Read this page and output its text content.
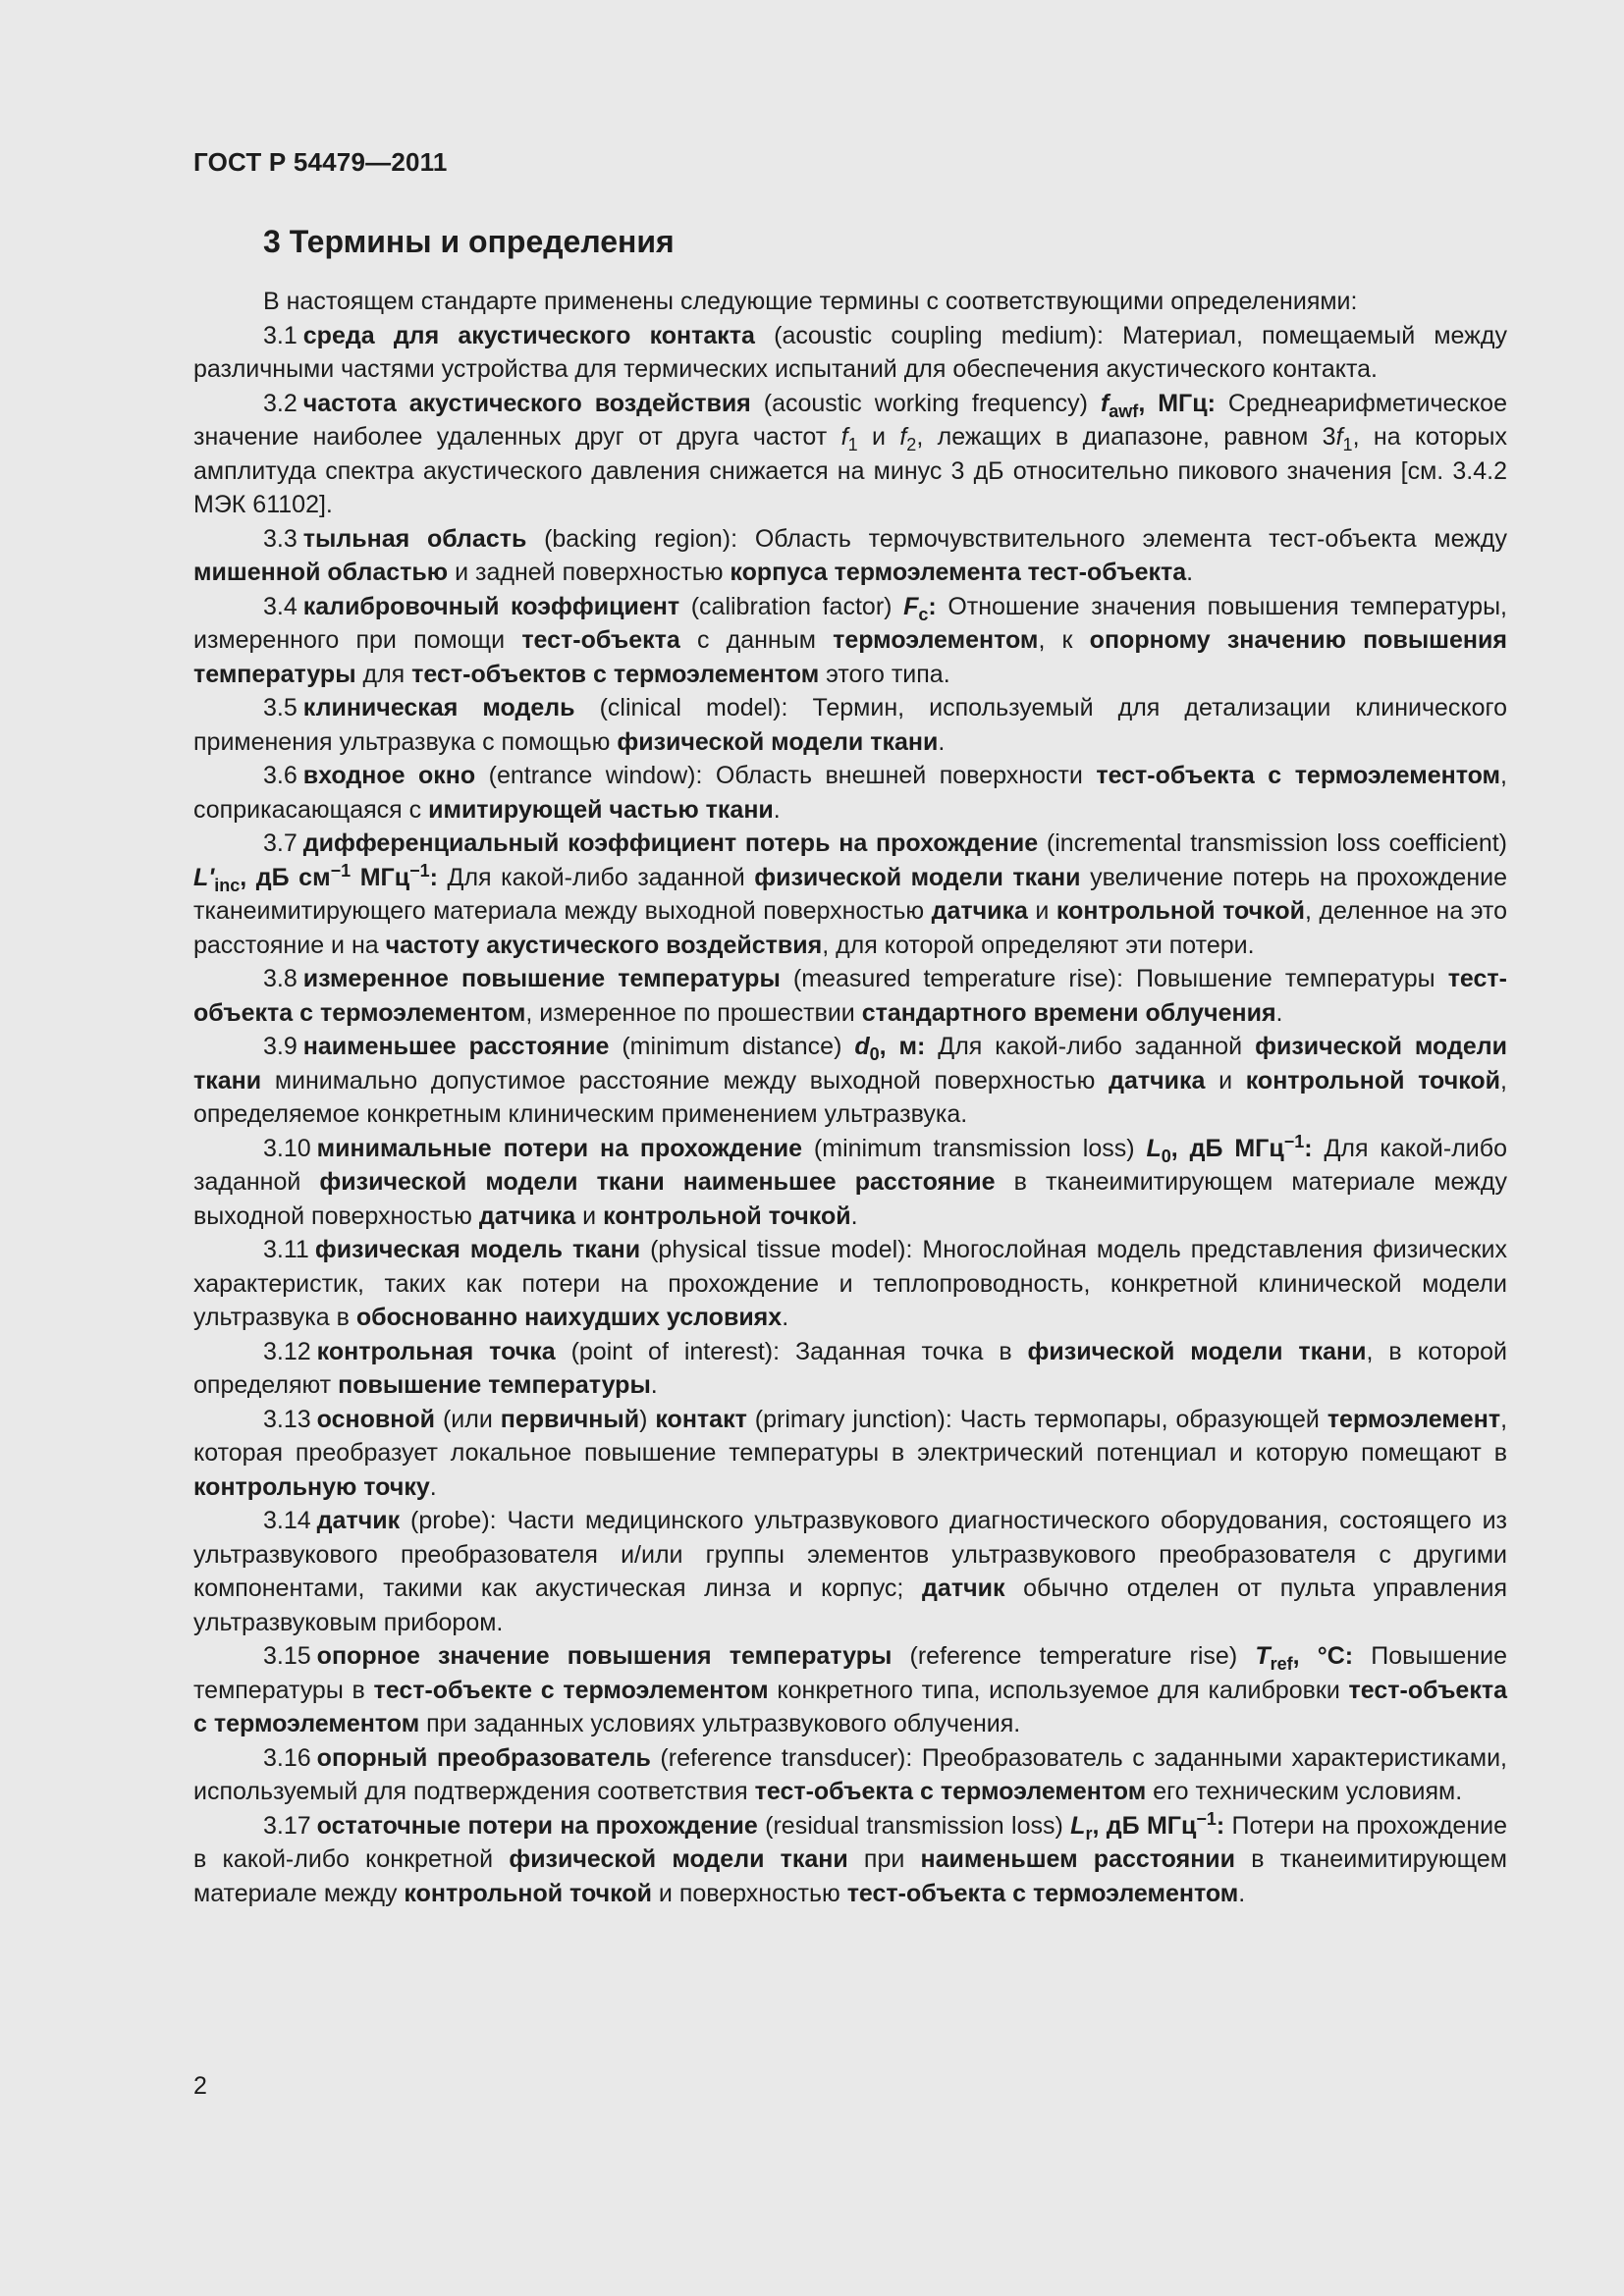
ГОСТ Р 54479—2011
3 Термины и определения

В настоящем стандарте применены следующие термины с соответствующими определениями:

3.1 среда для акустического контакта (acoustic coupling medium): Материал, помещаемый между различными частями устройства для термических испытаний для обеспечения акустического контакта.

3.2 частота акустического воздействия (acoustic working frequency) $f_{awf}$, МГц: Среднеарифметическое значение наиболее удаленных друг от друга частот $f_1$ и $f_2$, лежащих в диапазоне, равном $3f_1$, на которых амплитуда спектра акустического давления снижается на минус 3 дБ относительно пикового значения [см. 3.4.2 МЭК 61102].

3.3 тыльная область (backing region): Область термочувствительного элемента тест-объекта между мишенной областью и задней поверхностью корпуса термоэлемента тест-объекта.

3.4 калибровочный коэффициент (calibration factor) $F_c$: Отношение значения повышения температуры, измеренного при помощи тест-объекта с данным термоэлементом, к опорному значению повышения температуры для тест-объектов с термоэлементом этого типа.

3.5 клиническая модель (clinical model): Термин, используемый для детализации клинического применения ультразвука с помощью физической модели ткани.

3.6 входное окно (entrance window): Область внешней поверхности тест-объекта с термоэлементом, соприкасающаяся с имитирующей частью ткани.

3.7 дифференциальный коэффициент потерь на прохождение (incremental transmission loss coefficient) $L'_{inc}$, дБ $см^{-1}$ МГц$^{-1}$: Для какой-либо заданной физической модели ткани увеличение потерь на прохождение тканеимитирующего материала между выходной поверхностью датчика и контрольной точкой, деленное на это расстояние и на частоту акустического воздействия, для которой определяют эти потери.

3.8 измеренное повышение температуры (measured temperature rise): Повышение температуры тест-объекта с термоэлементом, измеренное по прошествии стандартного времени облучения.

3.9 наименьшее расстояние (minimum distance) $d_0$, м: Для какой-либо заданной физической модели ткани минимально допустимое расстояние между выходной поверхностью датчика и контрольной точкой, определяемое конкретным клиническим применением ультразвука.

3.10 минимальные потери на прохождение (minimum transmission loss) $L_0$, дБ МГц$^{-1}$: Для какой-либо заданной физической модели ткани наименьшее расстояние в тканеимитирующем материале между выходной поверхностью датчика и контрольной точкой.

3.11 физическая модель ткани (physical tissue model): Многослойная модель представления физических характеристик, таких как потери на прохождение и теплопроводность, конкретной клинической модели ультразвука в обоснованно наихудших условиях.

3.12 контрольная точка (point of interest): Заданная точка в физической модели ткани, в которой определяют повышение температуры.

3.13 основной (или первичный) контакт (primary junction): Часть термопары, образующей термоэлемент, которая преобразует локальное повышение температуры в электрический потенциал и которую помещают в контрольную точку.

3.14 датчик (probe): Части медицинского ультразвукового диагностического оборудования, состоящего из ультразвукового преобразователя и/или группы элементов ультразвукового преобразователя с другими компонентами, такими как акустическая линза и корпус; датчик обычно отделен от пульта управления ультразвуковым прибором.

3.15 опорное значение повышения температуры (reference temperature rise) $T_{ref}$, °С: Повышение температуры в тест-объекте с термоэлементом конкретного типа, используемое для калибровки тест-объекта с термоэлементом при заданных условиях ультразвукового облучения.

3.16 опорный преобразователь (reference transducer): Преобразователь с заданными характеристиками, используемый для подтверждения соответствия тест-объекта с термоэлементом его техническим условиям.

3.17 остаточные потери на прохождение (residual transmission loss) $L_r$, дБ МГц$^{-1}$: Потери на прохождение в какой-либо конкретной физической модели ткани при наименьшем расстоянии в тканеимитирующем материале между контрольной точкой и поверхностью тест-объекта с термоэлементом.

2
